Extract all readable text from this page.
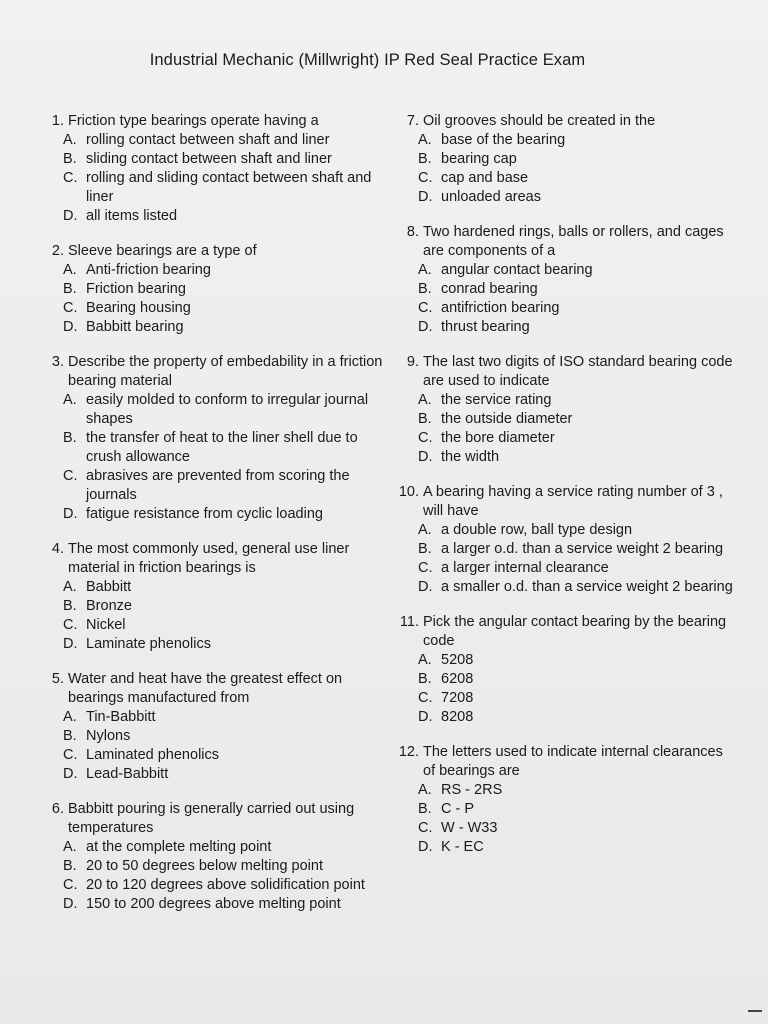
Industrial Mechanic (Millwright) IP Red Seal Practice Exam
1. Friction type bearings operate having a
A. rolling contact between shaft and liner
B. sliding contact between shaft and liner
C. rolling and sliding contact between shaft and liner
D. all items listed
2. Sleeve bearings are a type of
A. Anti-friction bearing
B. Friction bearing
C. Bearing housing
D. Babbitt bearing
3. Describe the property of embedability in a friction bearing material
A. easily molded to conform to irregular journal shapes
B. the transfer of heat to the liner shell due to crush allowance
C. abrasives are prevented from scoring the journals
D. fatigue resistance from cyclic loading
4. The most commonly used, general use liner material in friction bearings is
A. Babbitt
B. Bronze
C. Nickel
D. Laminate phenolics
5. Water and heat have the greatest effect on bearings manufactured from
A. Tin-Babbitt
B. Nylons
C. Laminated phenolics
D. Lead-Babbitt
6. Babbitt pouring is generally carried out using temperatures
A. at the complete melting point
B. 20 to 50 degrees below melting point
C. 20 to 120 degrees above solidification point
D. 150 to 200 degrees above melting point
7. Oil grooves should be created in the
A. base of the bearing
B. bearing cap
C. cap and base
D. unloaded areas
8. Two hardened rings, balls or rollers, and cages are components of a
A. angular contact bearing
B. conrad bearing
C. antifriction bearing
D. thrust bearing
9. The last two digits of ISO standard bearing code are used to indicate
A. the service rating
B. the outside diameter
C. the bore diameter
D. the width
10. A bearing having a service rating number of 3 , will have
A. a double row, ball type design
B. a larger o.d. than a service weight 2 bearing
C. a larger internal clearance
D. a smaller o.d. than a service weight 2 bearing
11. Pick the angular contact bearing by the bearing code
A. 5208
B. 6208
C. 7208
D. 8208
12. The letters used to indicate internal clearances of bearings are
A. RS - 2RS
B. C - P
C. W - W33
D. K - EC
